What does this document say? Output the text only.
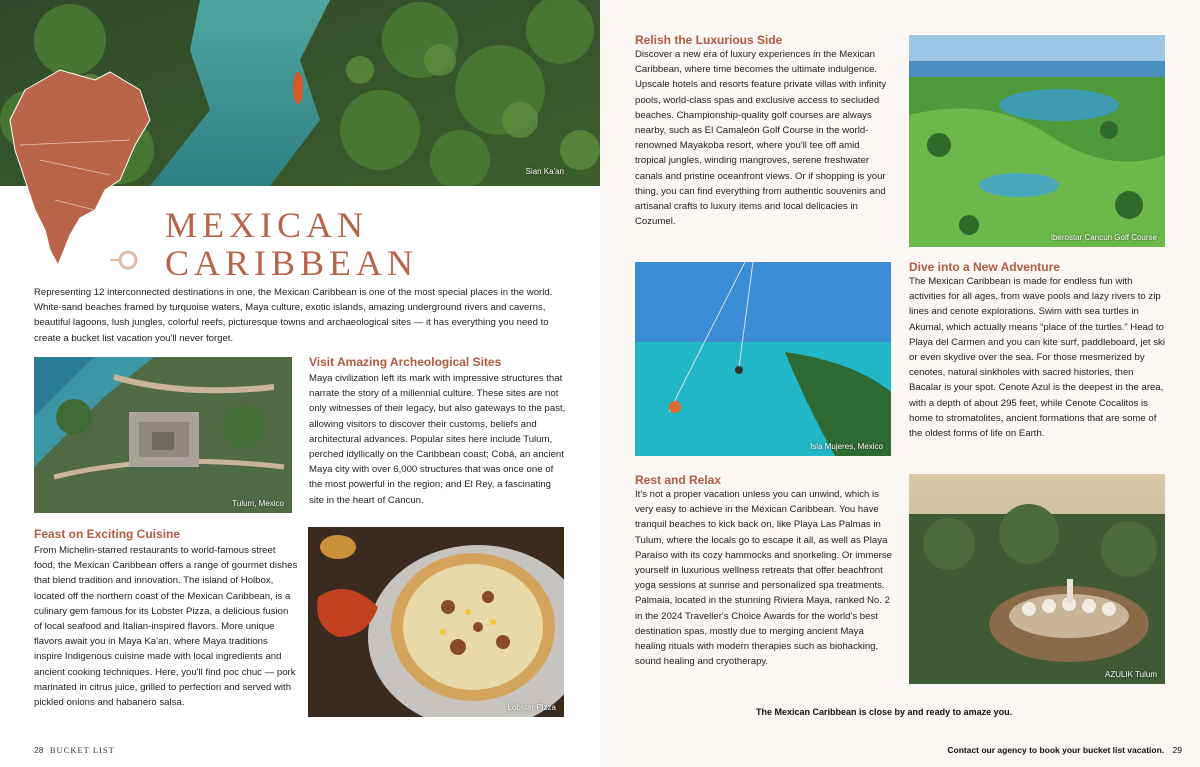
Sian Ka'an
MEXICAN
CARIBBEAN

Representing 12 interconnected destinations in one, the Mexican Caribbean is one of the most special places in the world. White-sand beaches framed by turquoise waters, Maya culture, exotic islands, amazing underground rivers and caverns, beautiful lagoons, lush jungles, colorful reefs, picturesque towns and archaeological sites — it has everything you need to create a bucket list vacation you'll never forget.

Tulum, Mexico
Visit Amazing Archeological Sites

Maya civilization left its mark with impressive structures that narrate the story of a millennial culture. These sites are not only witnesses of their legacy, but also gateways to the past, allowing visitors to discover their customs, beliefs and architectural advances. Popular sites here include Tulum, perched idyllically on the Caribbean coast; Cobá, an ancient Maya city with over 6,000 structures that was once one of the most powerful in the region; and El Rey, a fascinating site in the heart of Cancun.

Feast on Exciting Cuisine

From Michelin-starred restaurants to world-famous street food, the Mexican Caribbean offers a range of gourmet dishes that blend tradition and innovation. The island of Holbox, located off the northern coast of the Mexican Caribbean, is a culinary gem famous for its Lobster Pizza, a delicious fusion of local seafood and Italian-inspired flavors. More unique flavors await you in Maya Ka'an, where Maya traditions inspire Indigenous cuisine made with local ingredients and ancient cooking techniques. Here, you'll find poc chuc — pork marinated in citrus juice, grilled to perfection and served with pickled onions and habanero salsa.	Lobster Pizza
28 BUCKET LIST
Relish the Luxurious Side

Discover a new era of luxury experiences in the Mexican Caribbean, where time becomes the ultimate indulgence. Upscale hotels and resorts feature private villas with infinity pools, world-class spas and exclusive access to secluded beaches. Championship-quality golf courses are always nearby, such as El Camaleón Golf Course in the world-renowned Mayakoba resort, where you'll tee off amid tropical jungles, winding mangroves, serene freshwater canals and pristine oceanfront views. Or if shopping is your thing, you can find everything from authentic souvenirs and artisanal crafts to luxury items and local delicacies in Cozumel.

Iberostar Cancun Golf Course
Isla Mujeres, Mexico
Dive into a New Adventure

The Mexican Caribbean is made for endless fun with activities for all ages, from wave pools and lazy rivers to zip lines and cenote explorations. Swim with sea turtles in Akumal, which actually means “place of the turtles.” Head to Playa del Carmen and you can kite surf, paddleboard, jet ski or even skydive over the sea. For those mesmerized by cenotes, natural sinkholes with sacred histories, then Bacalar is your spot. Cenote Azul is the deepest in the area, with a depth of about 295 feet, while Cenote Cocalitos is home to stromatolites, ancient formations that are some of the oldest forms of life on Earth.

Rest and Relax

It's not a proper vacation unless you can unwind, which is very easy to achieve in the Mexican Caribbean. You have tranquil beaches to kick back on, like Playa Las Palmas in Tulum, where the locals go to escape it all, as well as Playa Paraíso with its cozy hammocks and snorkeling. Or immerse yourself in luxurious wellness retreats that offer beachfront yoga sessions at sunrise and personalized spa treatments. Palmaia, located in the stunning Riviera Maya, ranked No. 2 in the 2024 Traveller's Choice Awards for the world's best destination spas, mostly due to merging ancient Maya healing rituals with modern therapies such as biohacking, sound healing and cryotherapy.

AZULIK Tulum
The Mexican Caribbean is close by and ready to amaze you.
Contact our agency to book your bucket list vacation. 29
